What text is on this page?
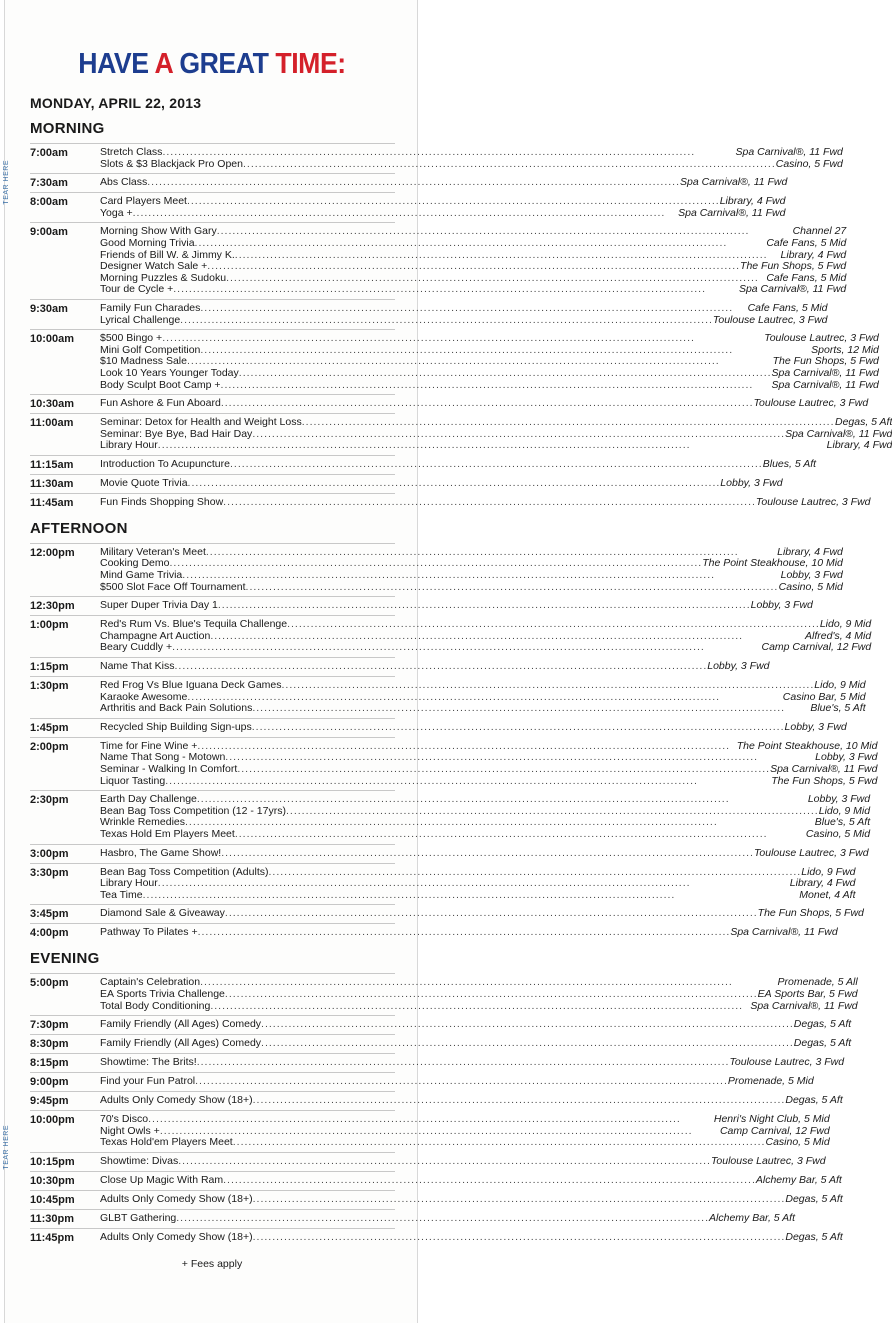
TEAR HERE
TEAR HERE
HAVE A GREAT TIME:
MONDAY, APRIL 22, 2013
MORNING
7:00am	Stretch Class .....	Spa Carnival®, 11 Fwd
Slots & $3 Blackjack Pro Open .....	Casino, 5 Fwd
7:30am	Abs Class .....	Spa Carnival®, 11 Fwd
8:00am	Card Players Meet .....	Library, 4 Fwd
Yoga + .....	Spa Carnival®, 11 Fwd
9:00am	Morning Show With Gary .....	Channel 27
Good Morning Trivia .....	Cafe Fans, 5 Mid
Friends of Bill W. & Jimmy K. .....	Library, 4 Fwd
Designer Watch Sale + .....	The Fun Shops, 5 Fwd
Morning Puzzles & Sudoku .....	Cafe Fans, 5 Mid
Tour de Cycle + .....	Spa Carnival®, 11 Fwd
9:30am	Family Fun Charades .....	Cafe Fans, 5 Mid
Lyrical Challenge .....	Toulouse Lautrec, 3 Fwd
10:00am	$500 Bingo + .....	Toulouse Lautrec, 3 Fwd
Mini Golf Competition .....	Sports, 12 Mid
$10 Madness Sale .....	The Fun Shops, 5 Fwd
Look 10 Years Younger Today .....	Spa Carnival®, 11 Fwd
Body Sculpt Boot Camp + .....	Spa Carnival®, 11 Fwd
10:30am	Fun Ashore & Fun Aboard .....	Toulouse Lautrec, 3 Fwd
11:00am	Seminar: Detox for Health and Weight Loss .....	Degas, 5 Aft
Seminar: Bye Bye, Bad Hair Day .....	Spa Carnival®, 11 Fwd
Library Hour .....	Library, 4 Fwd
11:15am	Introduction To Acupuncture .....	Blues, 5 Aft
11:30am	Movie Quote Trivia .....	Lobby, 3 Fwd
11:45am	Fun Finds Shopping Show .....	Toulouse Lautrec, 3 Fwd
AFTERNOON
12:00pm	Military Veteran's Meet .....	Library, 4 Fwd
Cooking Demo .....	The Point Steakhouse, 10 Mid
Mind Game Trivia .....	Lobby, 3 Fwd
$500 Slot Face Off Tournament .....	Casino, 5 Mid
12:30pm	Super Duper Trivia Day 1 .....	Lobby, 3 Fwd
1:00pm	Red's Rum Vs. Blue's Tequila Challenge .....	Lido, 9 Mid
Champagne Art Auction .....	Alfred's, 4 Mid
Beary Cuddly + .....	Camp Carnival, 12 Fwd
1:15pm	Name That Kiss .....	Lobby, 3 Fwd
1:30pm	Red Frog Vs Blue Iguana Deck Games .....	Lido, 9 Mid
Karaoke Awesome .....	Casino Bar, 5 Mid
Arthritis and Back Pain Solutions .....	Blue's, 5 Aft
1:45pm	Recycled Ship Building Sign-ups .....	Lobby, 3 Fwd
2:00pm	Time for Fine Wine + .....	The Point Steakhouse, 10 Mid
Name That Song - Motown .....	Lobby, 3 Fwd
Seminar - Walking In Comfort .....	Spa Carnival®, 11 Fwd
Liquor Tasting .....	The Fun Shops, 5 Fwd
2:30pm	Earth Day Challenge .....	Lobby, 3 Fwd
Bean Bag Toss Competition (12 - 17yrs) .....	Lido, 9 Mid
Wrinkle Remedies .....	Blue's, 5 Aft
Texas Hold Em Players Meet .....	Casino, 5 Mid
3:00pm	Hasbro, The Game Show! .....	Toulouse Lautrec, 3 Fwd
3:30pm	Bean Bag Toss Competition (Adults) .....	Lido, 9 Fwd
Library Hour .....	Library, 4 Fwd
Tea Time .....	Monet, 4 Aft
3:45pm	Diamond Sale & Giveaway .....	The Fun Shops, 5 Fwd
4:00pm	Pathway To Pilates + .....	Spa Carnival®, 11 Fwd
EVENING
5:00pm	Captain's Celebration .....	Promenade, 5 All
EA Sports Trivia Challenge .....	EA Sports Bar, 5 Fwd
Total Body Conditioning .....	Spa Carnival®, 11 Fwd
7:30pm	Family Friendly (All Ages) Comedy .....	Degas, 5 Aft
8:30pm	Family Friendly (All Ages) Comedy .....	Degas, 5 Aft
8:15pm	Showtime: The Brits! .....	Toulouse Lautrec, 3 Fwd
9:00pm	Find your Fun Patrol .....	Promenade, 5 Mid
9:45pm	Adults Only Comedy Show (18+) .....	Degas, 5 Aft
10:00pm	70's Disco .....	Henri's Night Club, 5 Mid
Night Owls + .....	Camp Carnival, 12 Fwd
Texas Hold'em Players Meet .....	Casino, 5 Mid
10:15pm	Showtime: Divas .....	Toulouse Lautrec, 3 Fwd
10:30pm	Close Up Magic With Ram .....	Alchemy Bar, 5 Aft
10:45pm	Adults Only Comedy Show (18+) .....	Degas, 5 Aft
11:30pm	GLBT Gathering .....	Alchemy Bar, 5 Aft
11:45pm	Adults Only Comedy Show (18+) .....	Degas, 5 Aft
+ Fees apply
